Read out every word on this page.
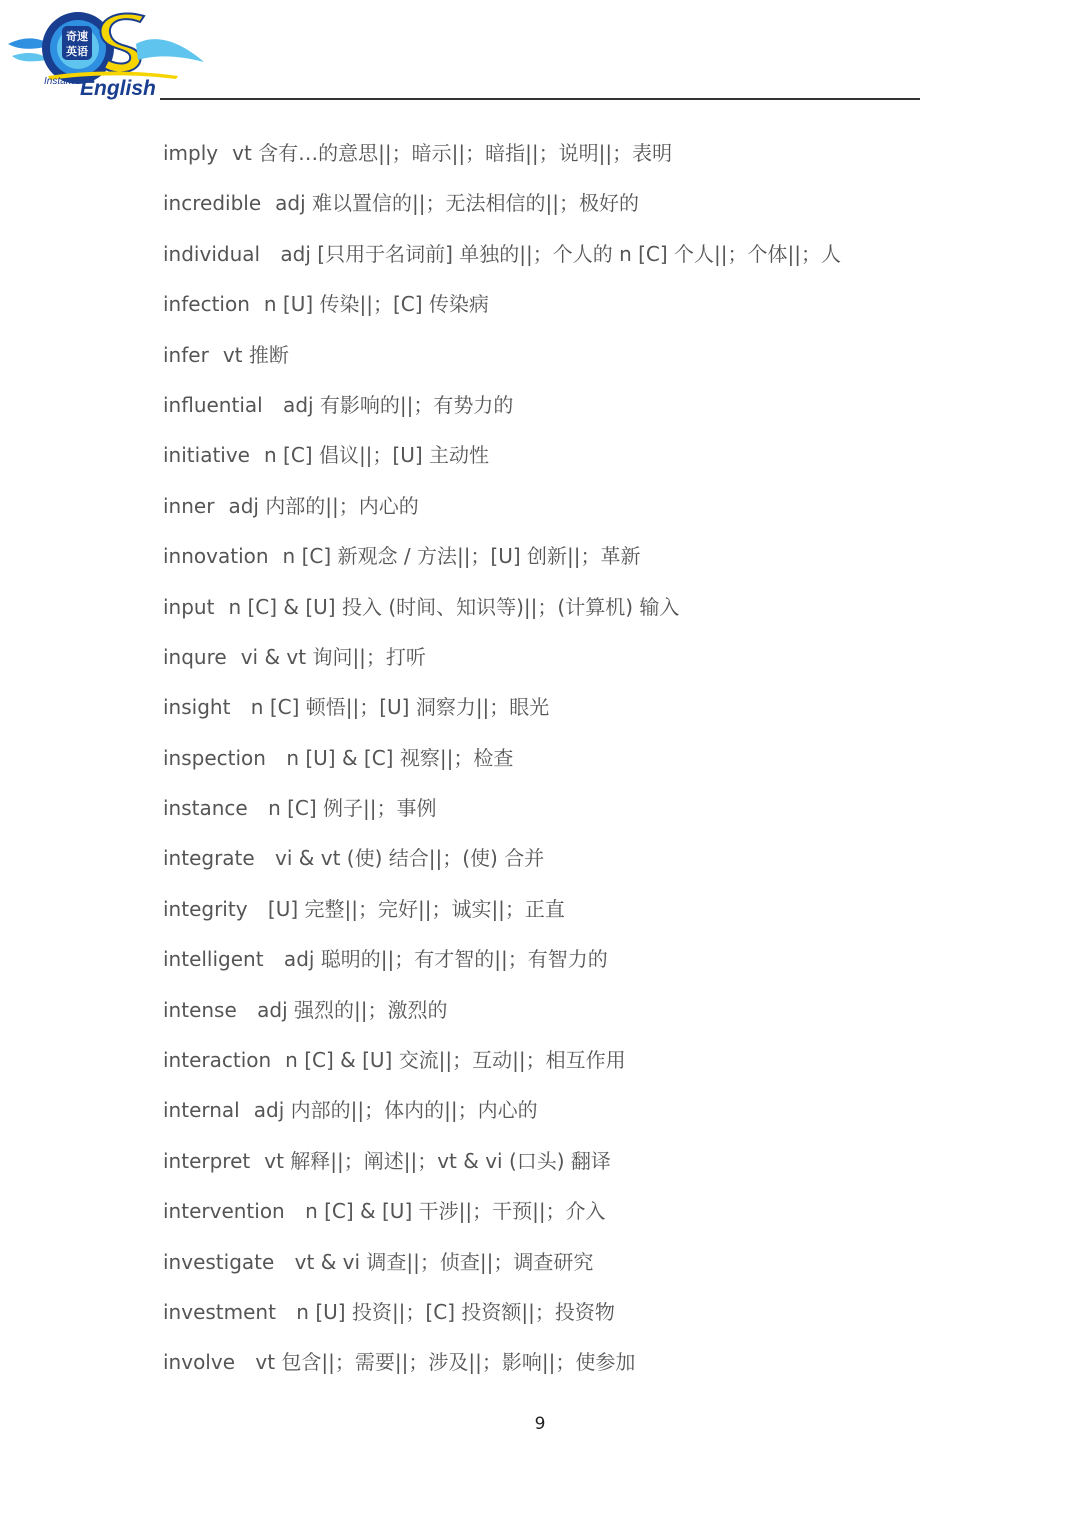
奇速
英语
Instant English
imply vt 含有…的意思||；暗示||；暗指||；说明||；表明
incredible adj 难以置信的||；无法相信的||；极好的
individual adj [只用于名词前] 单独的||；个人的 n [C] 个人||；个体||；人
infection n [U] 传染||；[C] 传染病
infer vt 推断
influential adj 有影响的||；有势力的
initiative n [C] 倡议||；[U] 主动性
inner adj 内部的||；内心的
innovation n [C] 新观念 / 方法||；[U] 创新||；革新
input n [C] & [U] 投入 (时间、知识等)||；(计算机) 输入
inqure vi & vt 询问||；打听
insight n [C] 顿悟||；[U] 洞察力||；眼光
inspection n [U] & [C] 视察||；检查
instance n [C] 例子||；事例
integrate vi & vt (使) 结合||；(使) 合并
integrity [U] 完整||；完好||；诚实||；正直
intelligent adj 聪明的||；有才智的||；有智力的
intense adj 强烈的||；激烈的
interaction n [C] & [U] 交流||；互动||；相互作用
internal adj 内部的||；体内的||；内心的
interpret vt 解释||；阐述||；vt & vi (口头) 翻译
intervention n [C] & [U] 干涉||；干预||；介入
investigate vt & vi 调查||；侦查||；调查研究
investment n [U] 投资||；[C] 投资额||；投资物
involve vt 包含||；需要||；涉及||；影响||；使参加
9
